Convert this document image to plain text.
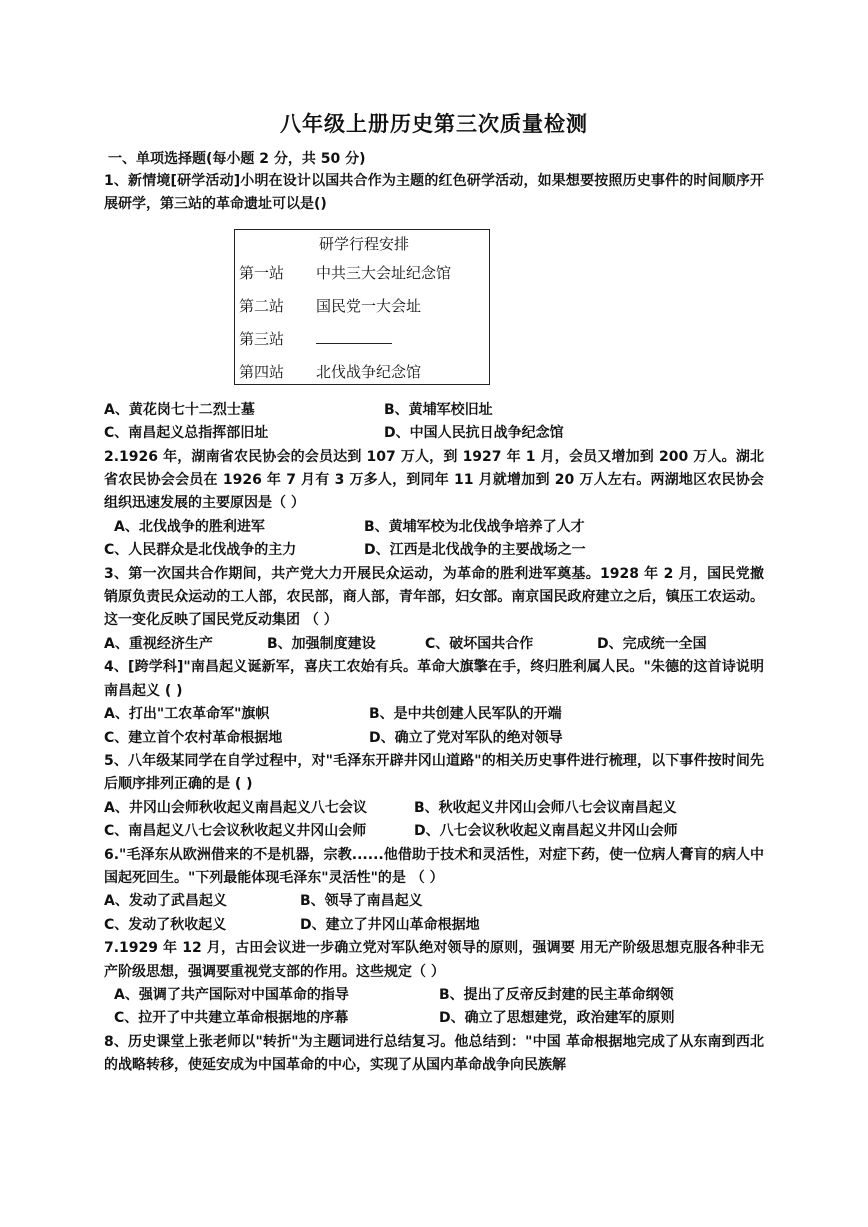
八年级上册历史第三次质量检测
一、单项选择题(每小题 2 分，共 50 分)

1、新情境[研学活动]小明在设计以国共合作为主题的红色研学活动，如果想要按照历史事件的时间顺序开展研学，第三站的革命遗址可以是()

研学行程安排
第一站	中共三大会址纪念馆
第二站	国民党一大会址
第三站
第四站	北伐战争纪念馆
A、黄花岗七十二烈士墓	B、黄埔军校旧址
C、南昌起义总指挥部旧址	D、中国人民抗日战争纪念馆

2.1926 年，湖南省农民协会的会员达到 107 万人，到 1927 年 1 月，会员又增加到 200 万人。湖北省农民协会会员在 1926 年 7 月有 3 万多人，到同年 11 月就增加到 20 万人左右。两湖地区农民协会组织迅速发展的主要原因是（ ）

A、北伐战争的胜利进军	B、黄埔军校为北伐战争培养了人才
C、人民群众是北伐战争的主力	D、江西是北伐战争的主要战场之一

3、第一次国共合作期间，共产党大力开展民众运动，为革命的胜利进军奠基。1928 年 2 月，国民党撤销原负责民众运动的工人部，农民部，商人部，青年部，妇女部。南京国民政府建立之后，镇压工农运动。这一变化反映了国民党反动集团 （ ）

A、重视经济生产	B、加强制度建设	C、破坏国共合作	D、完成统一全国

4、[跨学科]"南昌起义诞新军，喜庆工农始有兵。革命大旗擎在手，终归胜利属人民。"朱德的这首诗说明南昌起义 ( )

A、打出"工农革命军"旗帜	B、是中共创建人民军队的开端
C、建立首个农村革命根据地	D、确立了党对军队的绝对领导

5、八年级某同学在自学过程中，对"毛泽东开辟井冈山道路"的相关历史事件进行梳理，以下事件按时间先后顺序排列正确的是 ( )

A、井冈山会师秋收起义南昌起义八七会议	B、秋收起义井冈山会师八七会议南昌起义
C、南昌起义八七会议秋收起义井冈山会师	D、八七会议秋收起义南昌起义井冈山会师

6."毛泽东从欧洲借来的不是机器，宗教......他借助于技术和灵活性，对症下药，使一位病人膏肓的病人中国起死回生。"下列最能体现毛泽东"灵活性"的是 （ ）

A、发动了武昌起义	B、领导了南昌起义
C、发动了秋收起义	D、建立了井冈山革命根据地

7.1929 年 12 月，古田会议进一步确立党对军队绝对领导的原则，强调要 用无产阶级思想克服各种非无产阶级思想，强调要重视党支部的作用。这些规定（ ）

A、强调了共产国际对中国革命的指导	B、提出了反帝反封建的民主革命纲领
C、拉开了中共建立革命根据地的序幕	D、确立了思想建党，政治建军的原则

8、历史课堂上张老师以"转折"为主题词进行总结复习。他总结到："中国 革命根据地完成了从东南到西北的战略转移，使延安成为中国革命的中心，实现了从国内革命战争向民族解
